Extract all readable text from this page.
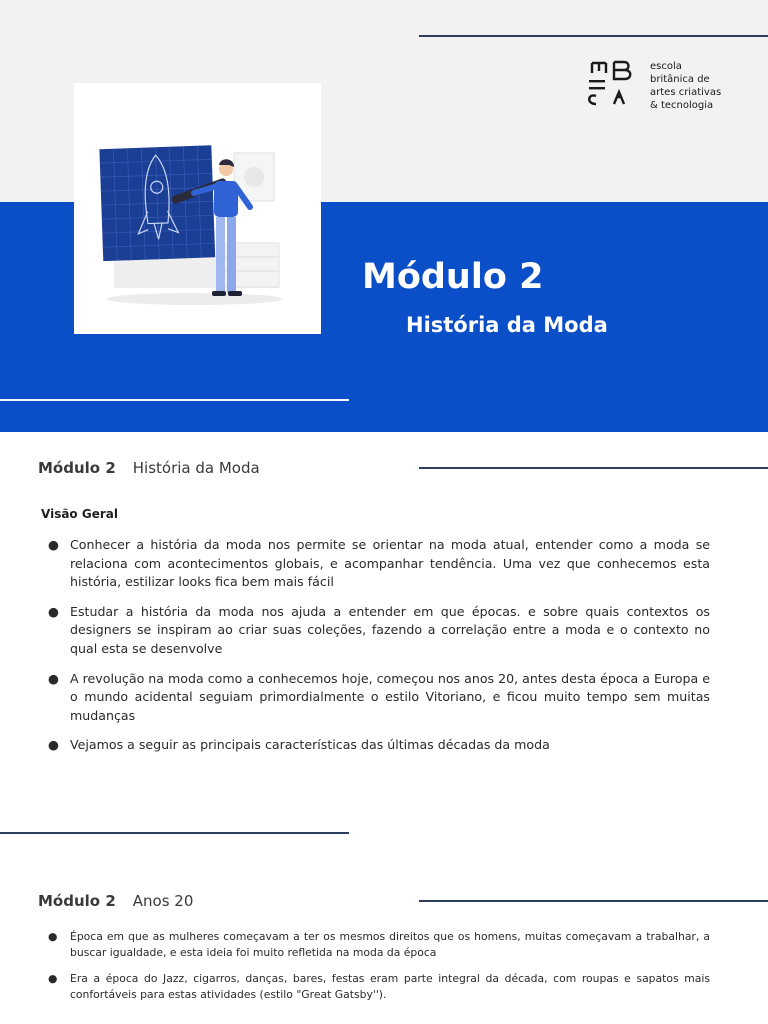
escola
britânica de
artes criativas
& tecnologia
Módulo 2
História da Moda
Módulo 2 História da Moda
Visão Geral
● Conhecer a história da moda nos permite se orientar na moda atual, entender como a moda se relaciona com acontecimentos globais, e acompanhar tendência. Uma vez que conhecemos esta história, estilizar looks fica bem mais fácil
● Estudar a história da moda nos ajuda a entender em que épocas. e sobre quais contextos os designers se inspiram ao criar suas coleções, fazendo a correlação entre a moda e o contexto no qual esta se desenvolve
● A revolução na moda como a conhecemos hoje, começou nos anos 20, antes desta época a Europa e o mundo acidental seguiam primordialmente o estilo Vitoriano, e ficou muito tempo sem muitas mudanças
● Vejamos a seguir as principais características das últimas décadas da moda
Módulo 2 Anos 20
● Época em que as mulheres começavam a ter os mesmos direitos que os homens, muitas começavam a trabalhar, a buscar igualdade, e esta ideia foi muito refletida na moda da época
● Era a época do Jazz, cigarros, danças, bares, festas eram parte integral da década, com roupas e sapatos mais confortáveis para estas atividades (estilo "Great Gatsby'').
